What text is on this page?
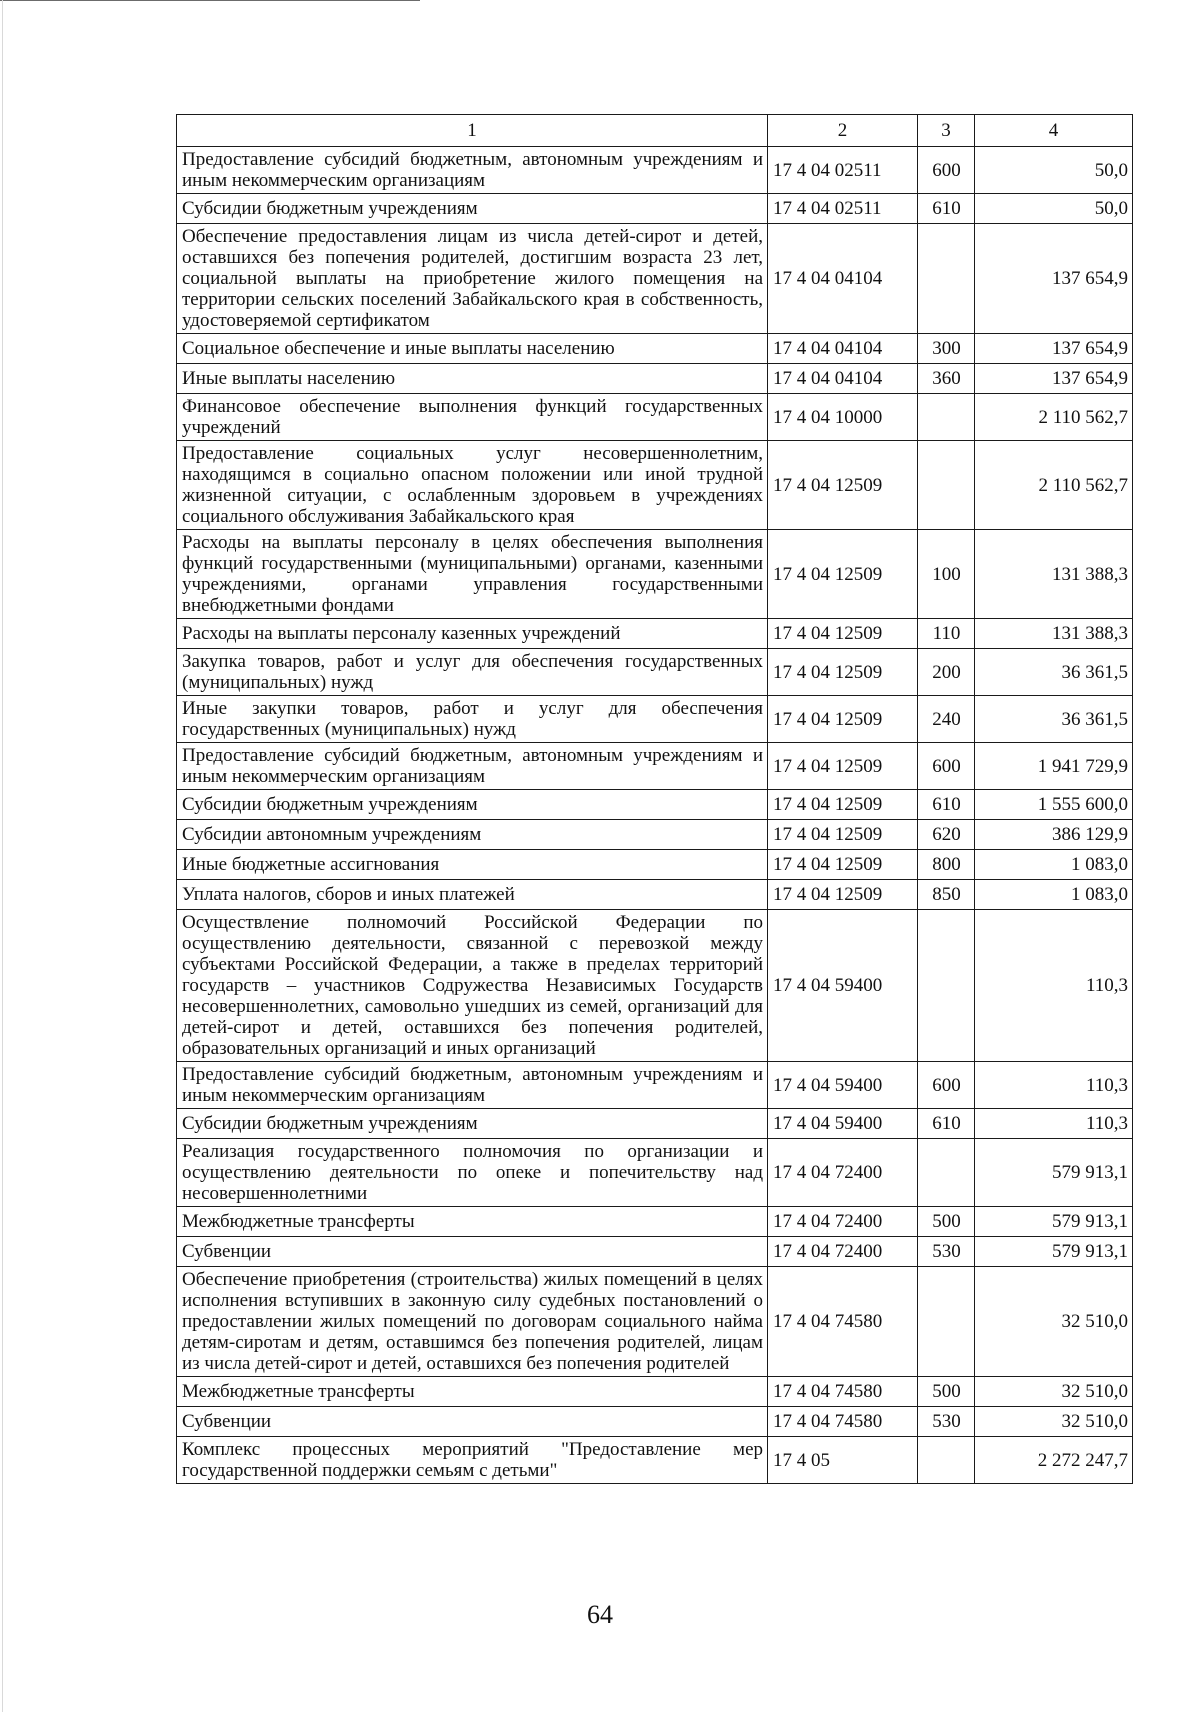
1	2	3	4
Предоставление субсидий бюджетным, автономным учреждениям и иным некоммерческим организациям	17 4 04 02511	600	50,0
Субсидии бюджетным учреждениям	17 4 04 02511	610	50,0
Обеспечение предоставления лицам из числа детей-сирот и детей, оставшихся без попечения родителей, достигшим возраста 23 лет, социальной выплаты на приобретение жилого помещения на территории сельских поселений Забайкальского края в собственность, удостоверяемой сертификатом	17 4 04 04104		137 654,9
Социальное обеспечение и иные выплаты населению	17 4 04 04104	300	137 654,9
Иные выплаты населению	17 4 04 04104	360	137 654,9
Финансовое обеспечение выполнения функций государственных учреждений	17 4 04 10000		2 110 562,7
Предоставление социальных услуг несовершеннолетним, находящимся в социально опасном положении или иной трудной жизненной ситуации, с ослабленным здоровьем в учреждениях социального обслуживания Забайкальского края	17 4 04 12509		2 110 562,7
Расходы на выплаты персоналу в целях обеспечения выполнения функций государственными (муниципальными) органами, казенными учреждениями, органами управления государственными внебюджетными фондами	17 4 04 12509	100	131 388,3
Расходы на выплаты персоналу казенных учреждений	17 4 04 12509	110	131 388,3
Закупка товаров, работ и услуг для обеспечения государственных (муниципальных) нужд	17 4 04 12509	200	36 361,5
Иные закупки товаров, работ и услуг для обеспечения государственных (муниципальных) нужд	17 4 04 12509	240	36 361,5
Предоставление субсидий бюджетным, автономным учреждениям и иным некоммерческим организациям	17 4 04 12509	600	1 941 729,9
Субсидии бюджетным учреждениям	17 4 04 12509	610	1 555 600,0
Субсидии автономным учреждениям	17 4 04 12509	620	386 129,9
Иные бюджетные ассигнования	17 4 04 12509	800	1 083,0
Уплата налогов, сборов и иных платежей	17 4 04 12509	850	1 083,0
Осуществление полномочий Российской Федерации по осуществлению деятельности, связанной с перевозкой между субъектами Российской Федерации, а также в пределах территорий государств – участников Содружества Независимых Государств несовершеннолетних, самовольно ушедших из семей, организаций для детей-сирот и детей, оставшихся без попечения родителей, образовательных организаций и иных организаций	17 4 04 59400		110,3
Предоставление субсидий бюджетным, автономным учреждениям и иным некоммерческим организациям	17 4 04 59400	600	110,3
Субсидии бюджетным учреждениям	17 4 04 59400	610	110,3
Реализация государственного полномочия по организации и осуществлению деятельности по опеке и попечительству над несовершеннолетними	17 4 04 72400		579 913,1
Межбюджетные трансферты	17 4 04 72400	500	579 913,1
Субвенции	17 4 04 72400	530	579 913,1
Обеспечение приобретения (строительства) жилых помещений в целях исполнения вступивших в законную силу судебных постановлений о предоставлении жилых помещений по договорам социального найма детям-сиротам и детям, оставшимся без попечения родителей, лицам из числа детей-сирот и детей, оставшихся без попечения родителей	17 4 04 74580		32 510,0
Межбюджетные трансферты	17 4 04 74580	500	32 510,0
Субвенции	17 4 04 74580	530	32 510,0
Комплекс процессных мероприятий "Предоставление мер государственной поддержки семьям с детьми"	17 4 05		2 272 247,7
64
